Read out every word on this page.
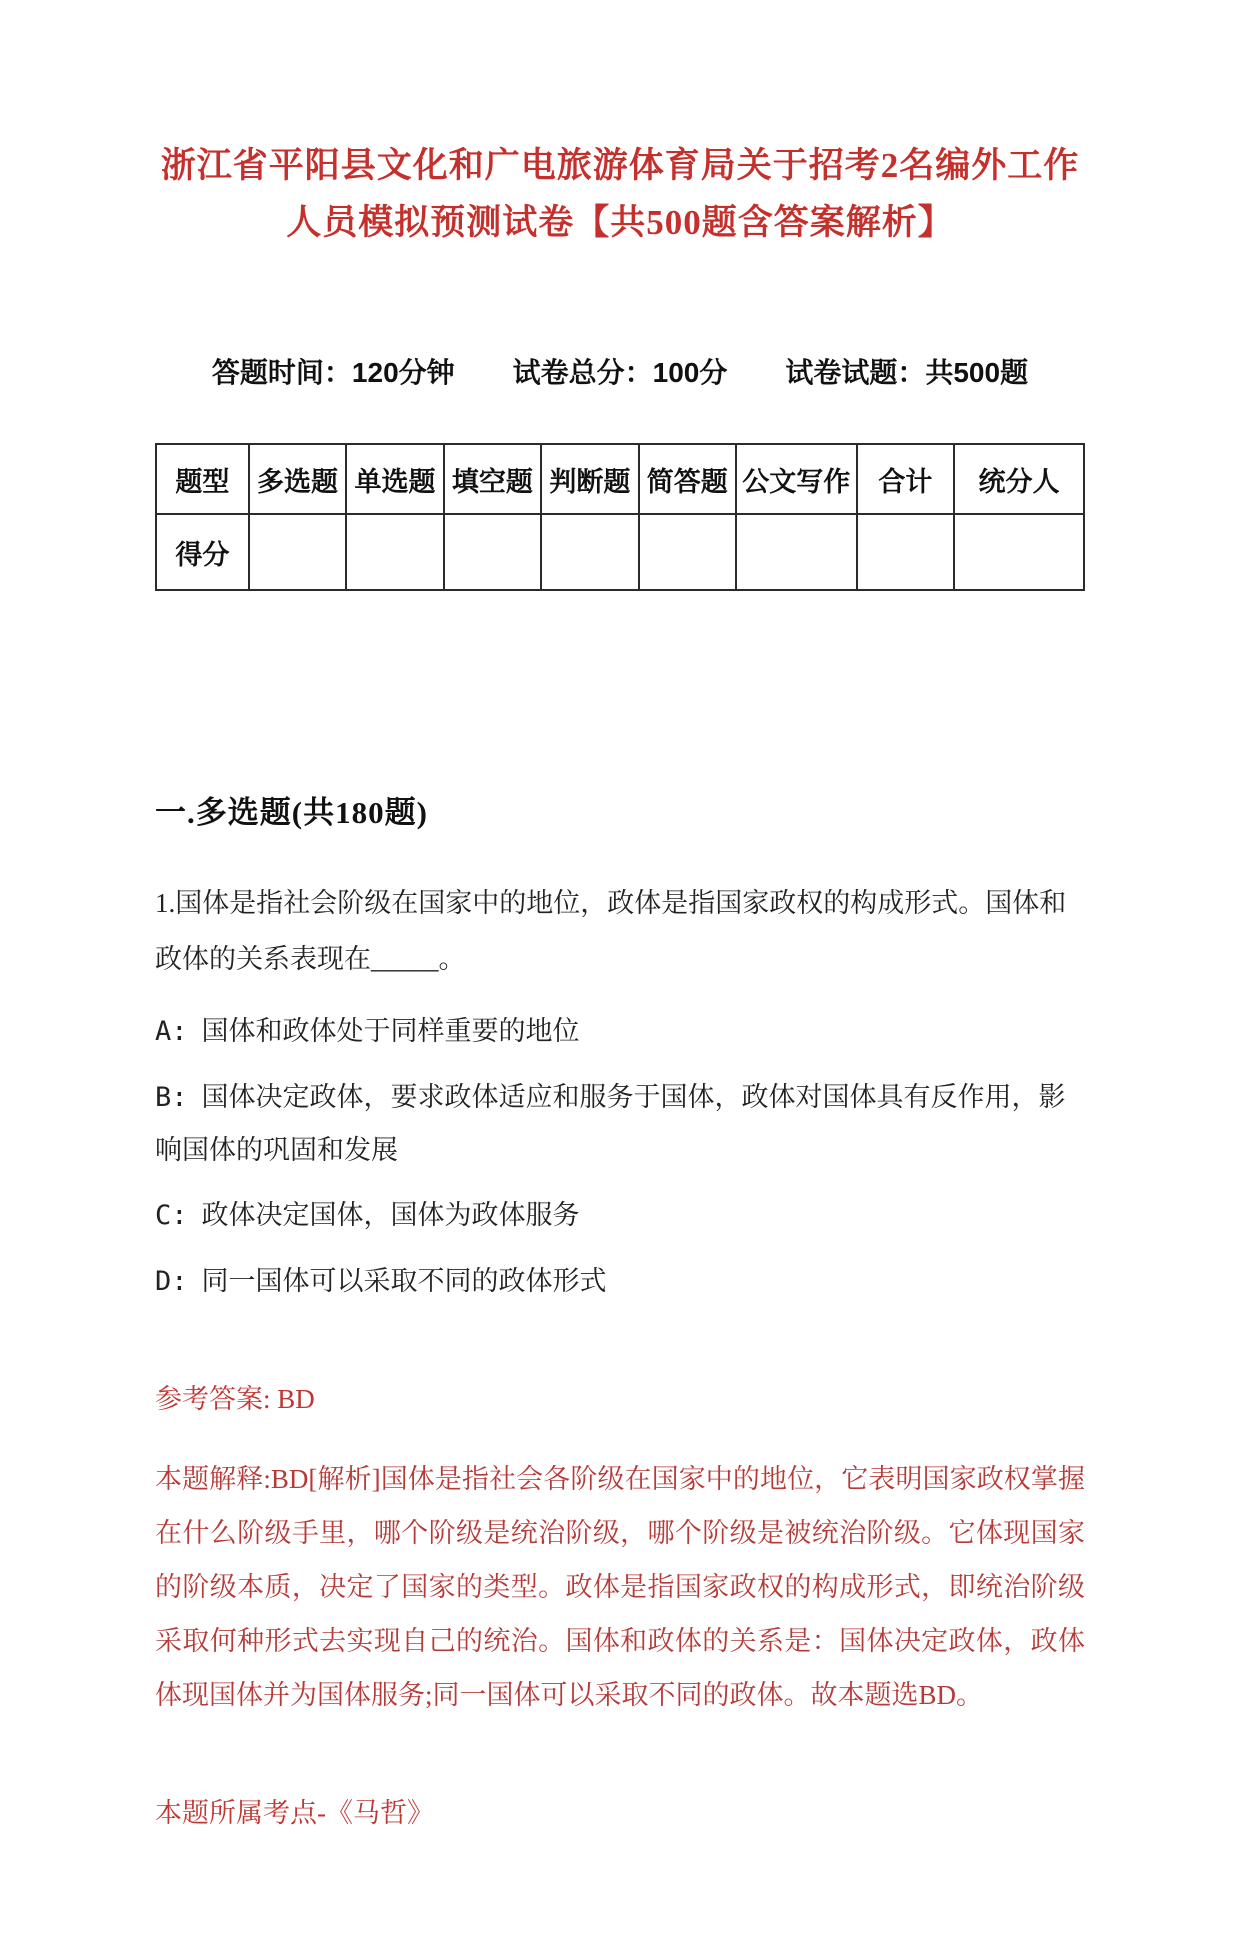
浙江省平阳县文化和广电旅游体育局关于招考2名编外工作人员模拟预测试卷【共500题含答案解析】
答题时间：120分钟 试卷总分：100分 试卷试题：共500题
题型	多选题	单选题	填空题	判断题	简答题	公文写作	合计	统分人
得分								
一.多选题(共180题)

1.国体是指社会阶级在国家中的地位，政体是指国家政权的构成形式。国体和政体的关系表现在_____。

A: 国体和政体处于同样重要的地位

B: 国体决定政体，要求政体适应和服务于国体，政体对国体具有反作用，影响国体的巩固和发展

C: 政体决定国体，国体为政体服务

D: 同一国体可以采取不同的政体形式

参考答案: BD

本题解释:BD[解析]国体是指社会各阶级在国家中的地位，它表明国家政权掌握在什么阶级手里，哪个阶级是统治阶级，哪个阶级是被统治阶级。它体现国家的阶级本质，决定了国家的类型。政体是指国家政权的构成形式，即统治阶级采取何种形式去实现自己的统治。国体和政体的关系是：国体决定政体，政体体现国体并为国体服务;同一国体可以采取不同的政体。故本题选BD。

本题所属考点-《马哲》
